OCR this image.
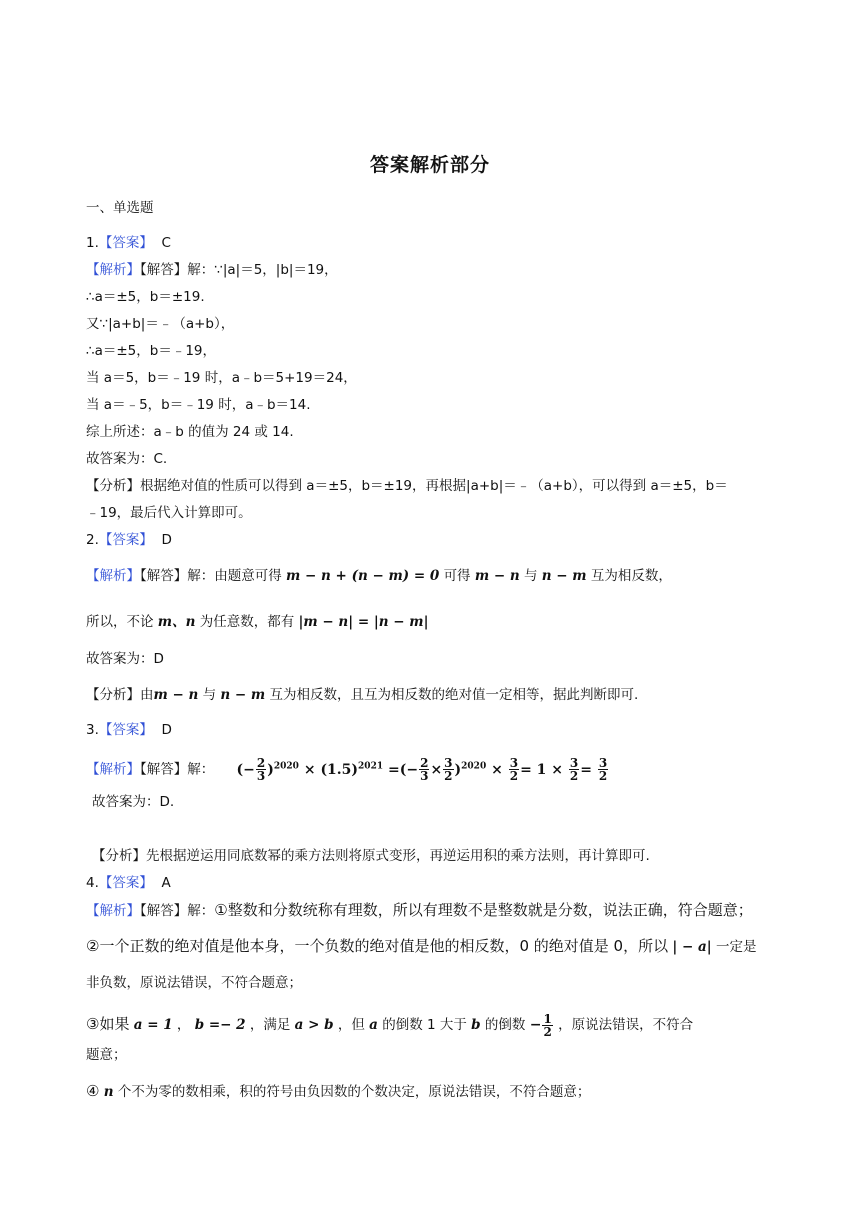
答案解析部分
一、单选题
1.【答案】 C
【解析】【解答】解：∵|a|＝5，|b|＝19，
∴a＝±5，b＝±19.
又∵|a+b|＝﹣（a+b），
∴a＝±5，b＝﹣19，
当 a＝5，b＝﹣19 时，a﹣b＝5+19＝24，
当 a＝﹣5，b＝﹣19 时，a﹣b＝14.
综上所述：a﹣b 的值为 24 或 14.
故答案为：C.
【分析】根据绝对值的性质可以得到 a＝±5，b＝±19，再根据|a+b|＝﹣（a+b），可以得到 a＝±5，b＝
﹣19，最后代入计算即可。
2.【答案】 D
【解析】【解答】解：由题意可得 m − n + (n − m) = 0 可得 m − n 与 n − m 互为相反数，
所以，不论 m、n 为任意数，都有 |m − n| = |n − m|
故答案为：D
【分析】由m − n 与 n − m 互为相反数，且互为相反数的绝对值一定相等，据此判断即可.
3.【答案】 D
【解析】【解答】解： (− $\frac{2}{3} )^{2020} \times (1.5)^{2021}$ =(− $\frac{2}{3} \times \frac{3}{2} )^{2020} \times \frac{3}{2} = 1 \times \frac{3}{2} = \frac{3}{2}$
故答案为：D.
【分析】先根据逆运用同底数幂的乘方法则将原式变形，再逆运用积的乘方法则，再计算即可.
4.【答案】 A
【解析】【解答】解：①整数和分数统称有理数，所以有理数不是整数就是分数，说法正确，符合题意；
②一个正数的绝对值是他本身，一个负数的绝对值是他的相反数，0 的绝对值是 0，所以 | − a| 一定是
非负数，原说法错误，不符合题意；
③如果 a = 1 ， b =− 2 ，满足 a > b ，但 a 的倒数 1 大于 b 的倒数 − $\frac{1}{2}$ ，原说法错误，不符合
题意；
④ n 个不为零的数相乘，积的符号由负因数的个数决定，原说法错误，不符合题意；
